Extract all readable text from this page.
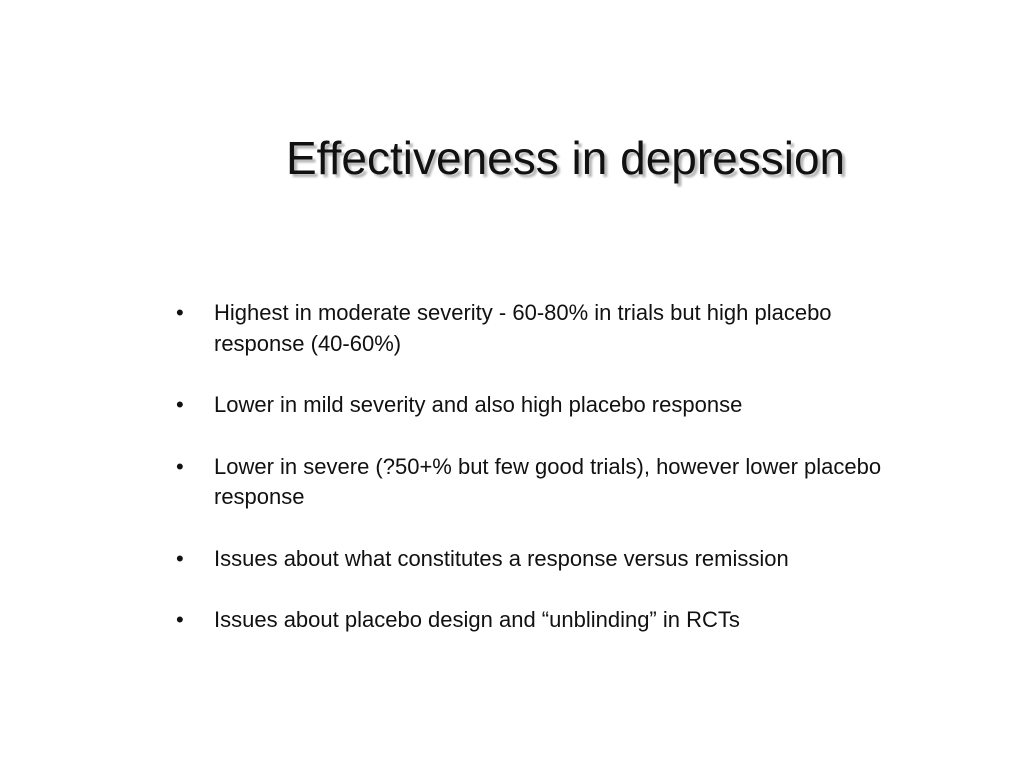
Effectiveness in depression
• Highest in moderate severity - 60-80% in trials but high placebo response (40-60%)
• Lower in mild severity and also high placebo response
• Lower in severe (?50+% but few good trials), however lower placebo response
• Issues about what constitutes a response versus remission
• Issues about placebo design and “unblinding” in RCTs
